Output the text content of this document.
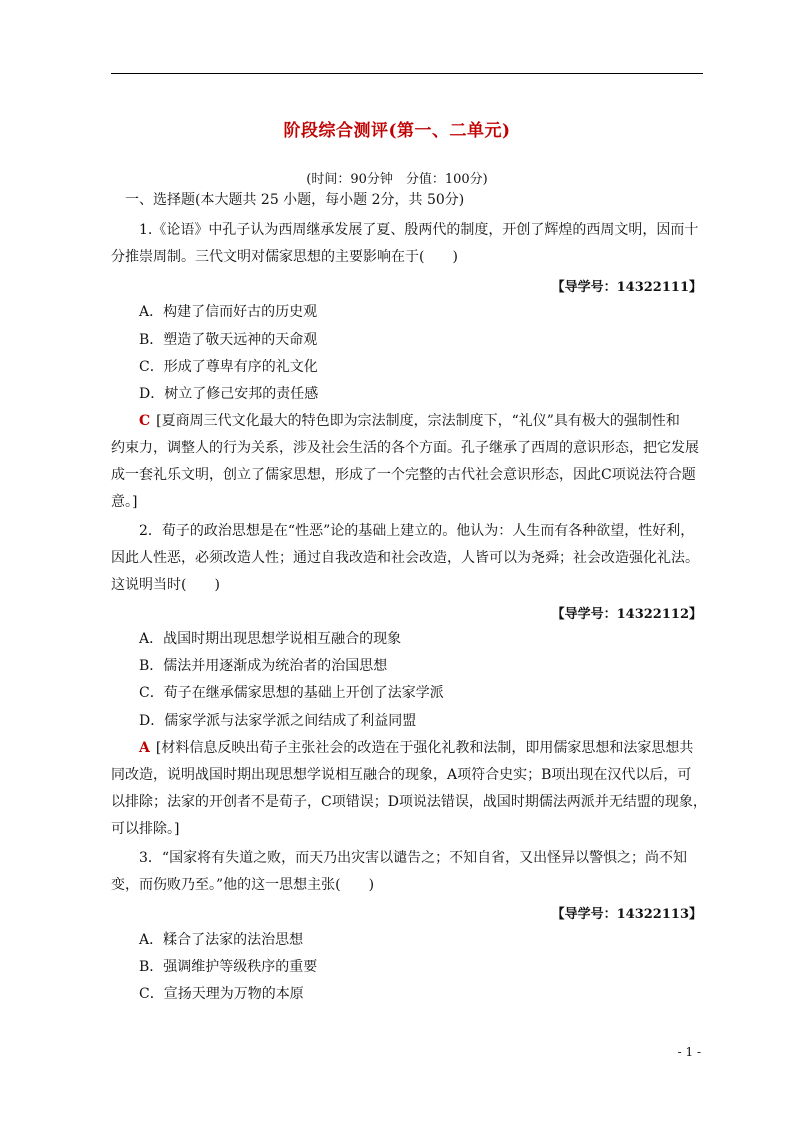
阶段综合测评(第一、二单元)
(时间：90分钟　分值：100分)
一、选择题(本大题共 25 小题，每小题 2分，共 50分)
1.《论语》中孔子认为西周继承发展了夏、殷两代的制度，开创了辉煌的西周文明，因而十
分推崇周制。三代文明对儒家思想的主要影响在于(　　)
【导学号：14322111】
A．构建了信而好古的历史观
B．塑造了敬天远神的天命观
C．形成了尊卑有序的礼文化
D．树立了修己安邦的责任感
C [夏商周三代文化最大的特色即为宗法制度，宗法制度下，“礼仪”具有极大的强制性和
约束力，调整人的行为关系，涉及社会生活的各个方面。孔子继承了西周的意识形态，把它发展
成一套礼乐文明，创立了儒家思想，形成了一个完整的古代社会意识形态，因此C项说法符合题
意。]
2．荀子的政治思想是在“性恶”论的基础上建立的。他认为：人生而有各种欲望，性好利，
因此人性恶，必须改造人性；通过自我改造和社会改造，人皆可以为尧舜；社会改造强化礼法。
这说明当时(　　)
【导学号：14322112】
A．战国时期出现思想学说相互融合的现象
B．儒法并用逐渐成为统治者的治国思想
C．荀子在继承儒家思想的基础上开创了法家学派
D．儒家学派与法家学派之间结成了利益同盟
A [材料信息反映出荀子主张社会的改造在于强化礼教和法制，即用儒家思想和法家思想共
同改造，说明战国时期出现思想学说相互融合的现象，A项符合史实；B项出现在汉代以后，可
以排除；法家的开创者不是荀子，C项错误；D项说法错误，战国时期儒法两派并无结盟的现象，
可以排除。]
3．“国家将有失道之败，而天乃出灾害以谴告之；不知自省，又出怪异以警惧之；尚不知
变，而伤败乃至。”他的这一思想主张(　　)
【导学号：14322113】
A．糅合了法家的法治思想
B．强调维护等级秩序的重要
C．宣扬天理为万物的本原
- 1 -
